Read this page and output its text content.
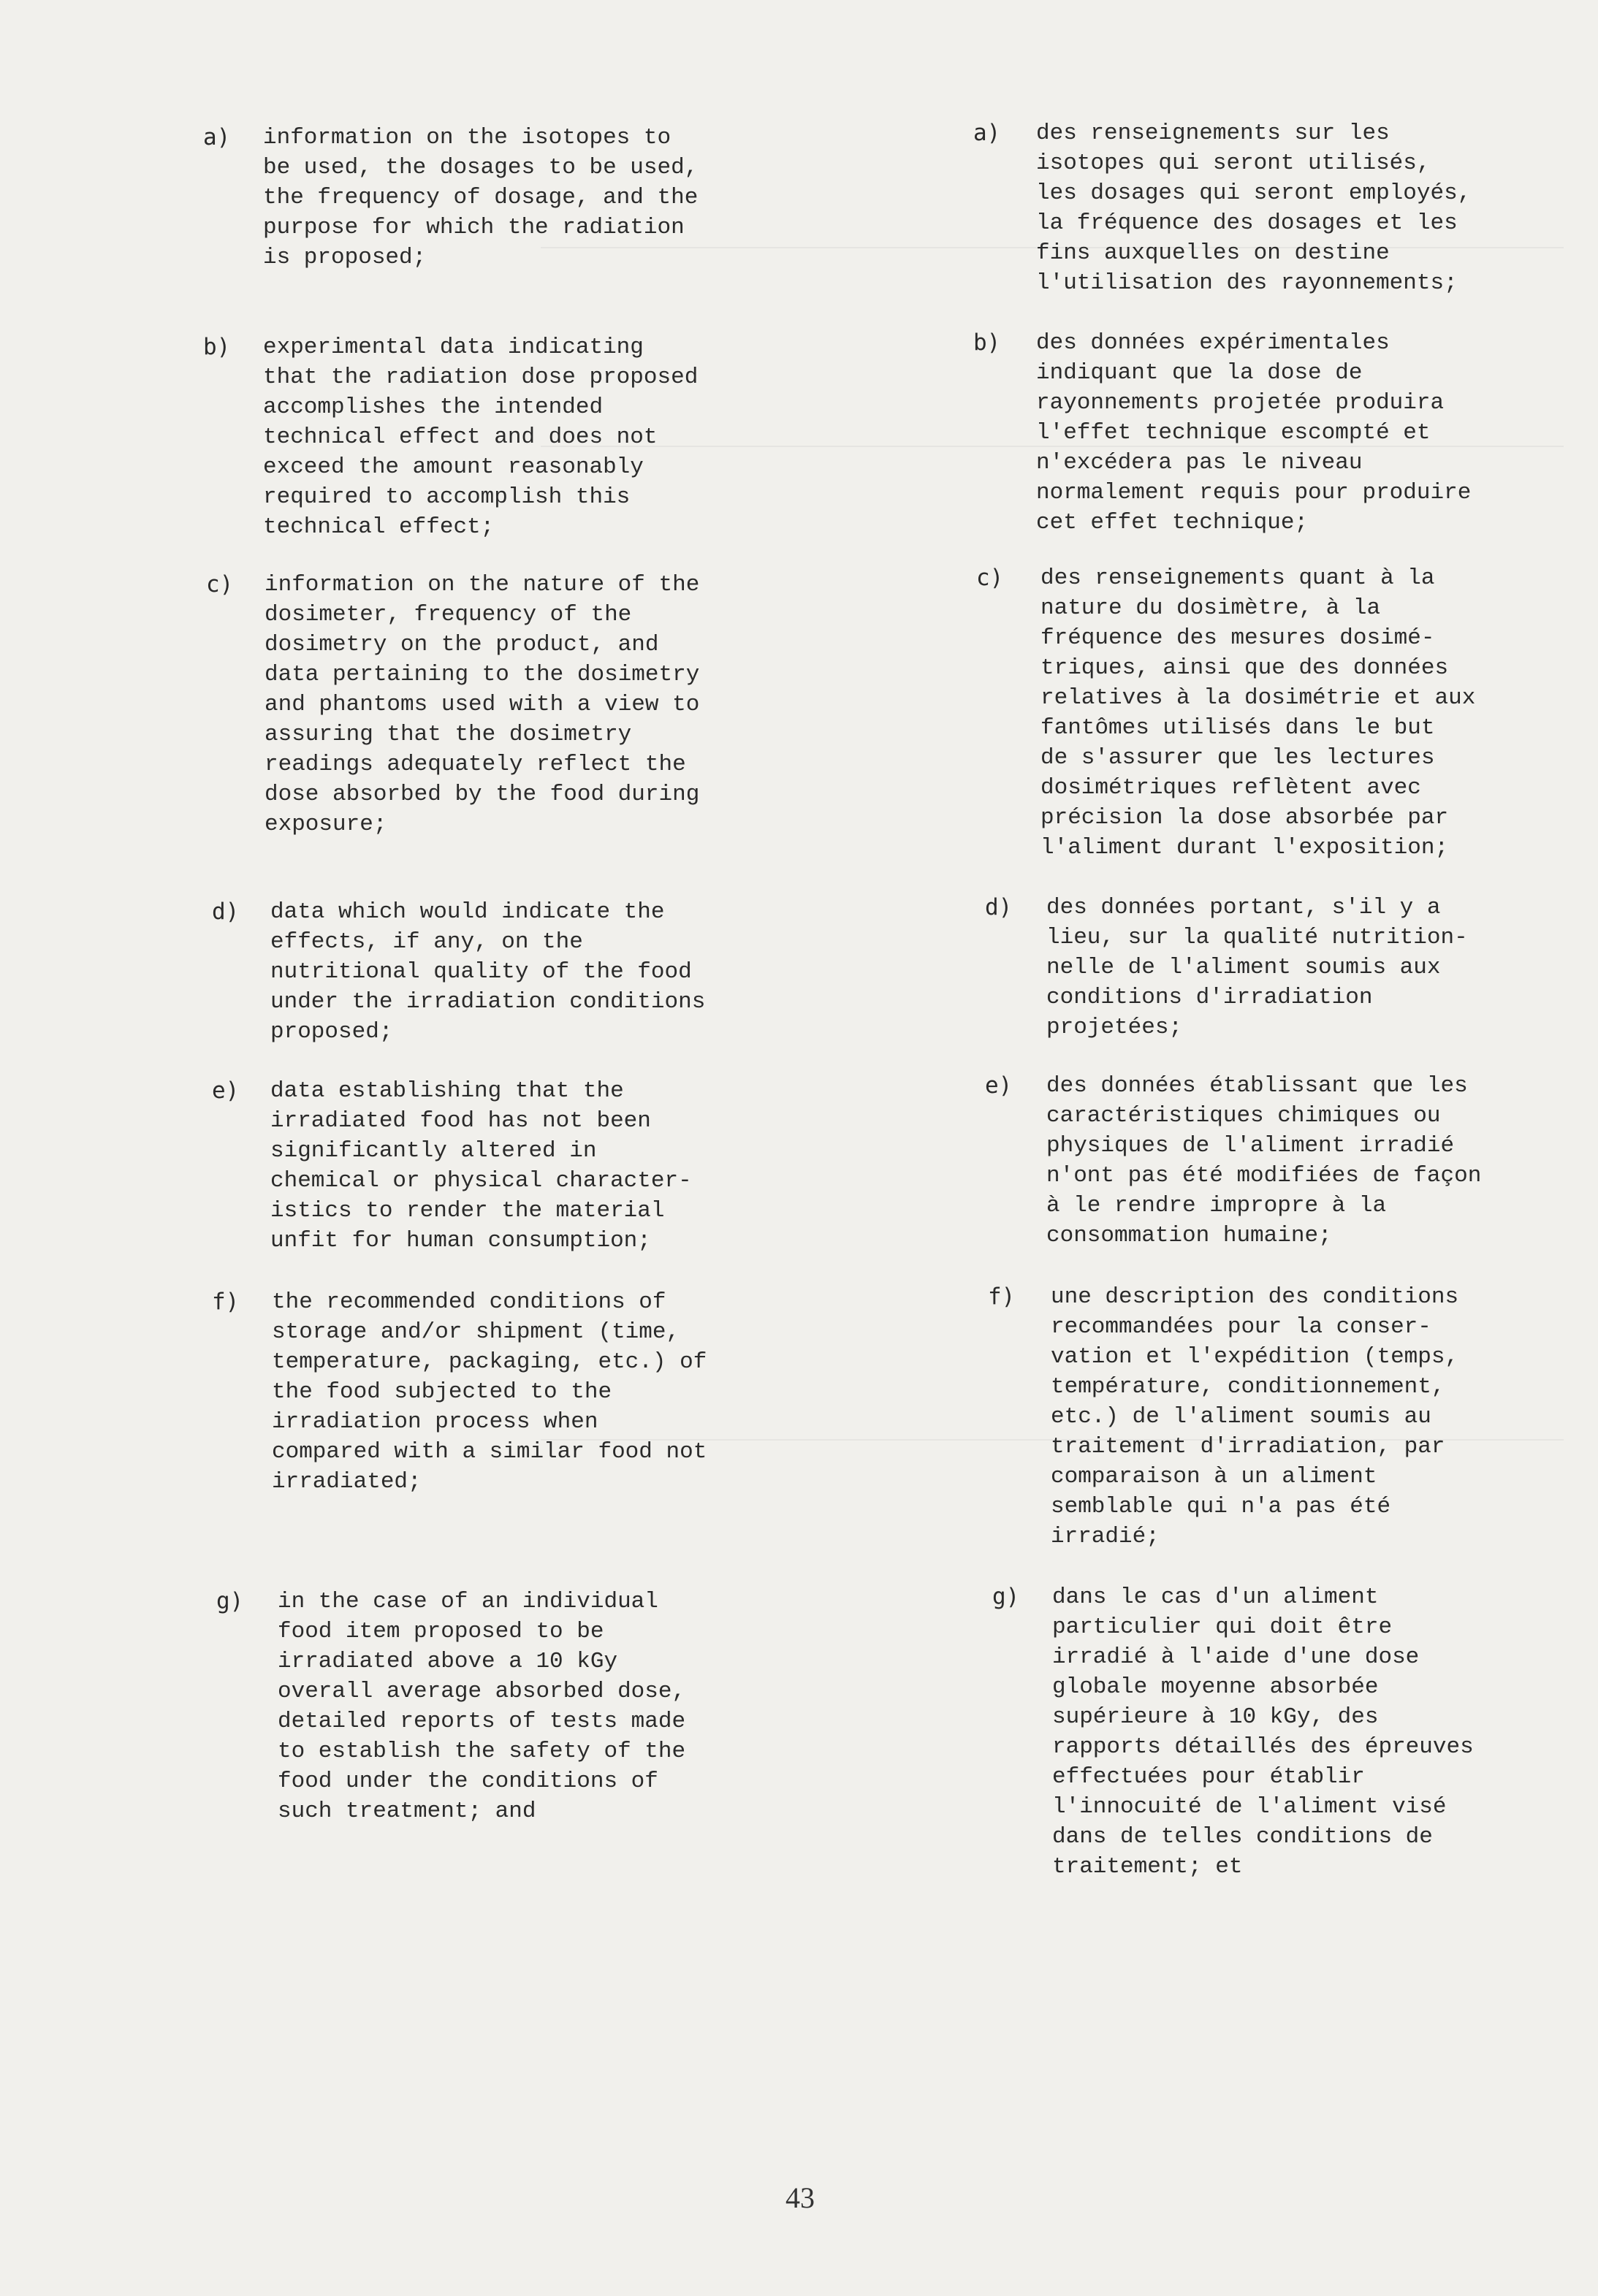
a) information on the isotopes to
be used, the dosages to be used,
the frequency of dosage, and the
purpose for which the radiation
is proposed;
b) experimental data indicating
that the radiation dose proposed
accomplishes the intended
technical effect and does not
exceed the amount reasonably
required to accomplish this
technical effect;
c) information on the nature of the
dosimeter, frequency of the
dosimetry on the product, and
data pertaining to the dosimetry
and phantoms used with a view to
assuring that the dosimetry
readings adequately reflect the
dose absorbed by the food during
exposure;
d) data which would indicate the
effects, if any, on the
nutritional quality of the food
under the irradiation conditions
proposed;
e) data establishing that the
irradiated food has not been
significantly altered in
chemical or physical character-
istics to render the material
unfit for human consumption;
f) the recommended conditions of
storage and/or shipment (time,
temperature, packaging, etc.) of
the food subjected to the
irradiation process when
compared with a similar food not
irradiated;
g) in the case of an individual
food item proposed to be
irradiated above a 10 kGy
overall average absorbed dose,
detailed reports of tests made
to establish the safety of the
food under the conditions of
such treatment; and
a) des renseignements sur les
isotopes qui seront utilisés,
les dosages qui seront employés,
la fréquence des dosages et les
fins auxquelles on destine
l'utilisation des rayonnements;
b) des données expérimentales
indiquant que la dose de
rayonnements projetée produira
l'effet technique escompté et
n'excédera pas le niveau
normalement requis pour produire
cet effet technique;
c) des renseignements quant à la
nature du dosimètre, à la
fréquence des mesures dosimé-
triques, ainsi que des données
relatives à la dosimétrie et aux
fantômes utilisés dans le but
de s'assurer que les lectures
dosimétriques reflètent avec
précision la dose absorbée par
l'aliment durant l'exposition;
d) des données portant, s'il y a
lieu, sur la qualité nutrition-
nelle de l'aliment soumis aux
conditions d'irradiation
projetées;
e) des données établissant que les
caractéristiques chimiques ou
physiques de l'aliment irradié
n'ont pas été modifiées de façon
à le rendre impropre à la
consommation humaine;
f) une description des conditions
recommandées pour la conser-
vation et l'expédition (temps,
température, conditionnement,
etc.) de l'aliment soumis au
traitement d'irradiation, par
comparaison à un aliment
semblable qui n'a pas été
irradié;
g) dans le cas d'un aliment
particulier qui doit être
irradié à l'aide d'une dose
globale moyenne absorbée
supérieure à 10 kGy, des
rapports détaillés des épreuves
effectuées pour établir
l'innocuité de l'aliment visé
dans de telles conditions de
traitement; et
43
